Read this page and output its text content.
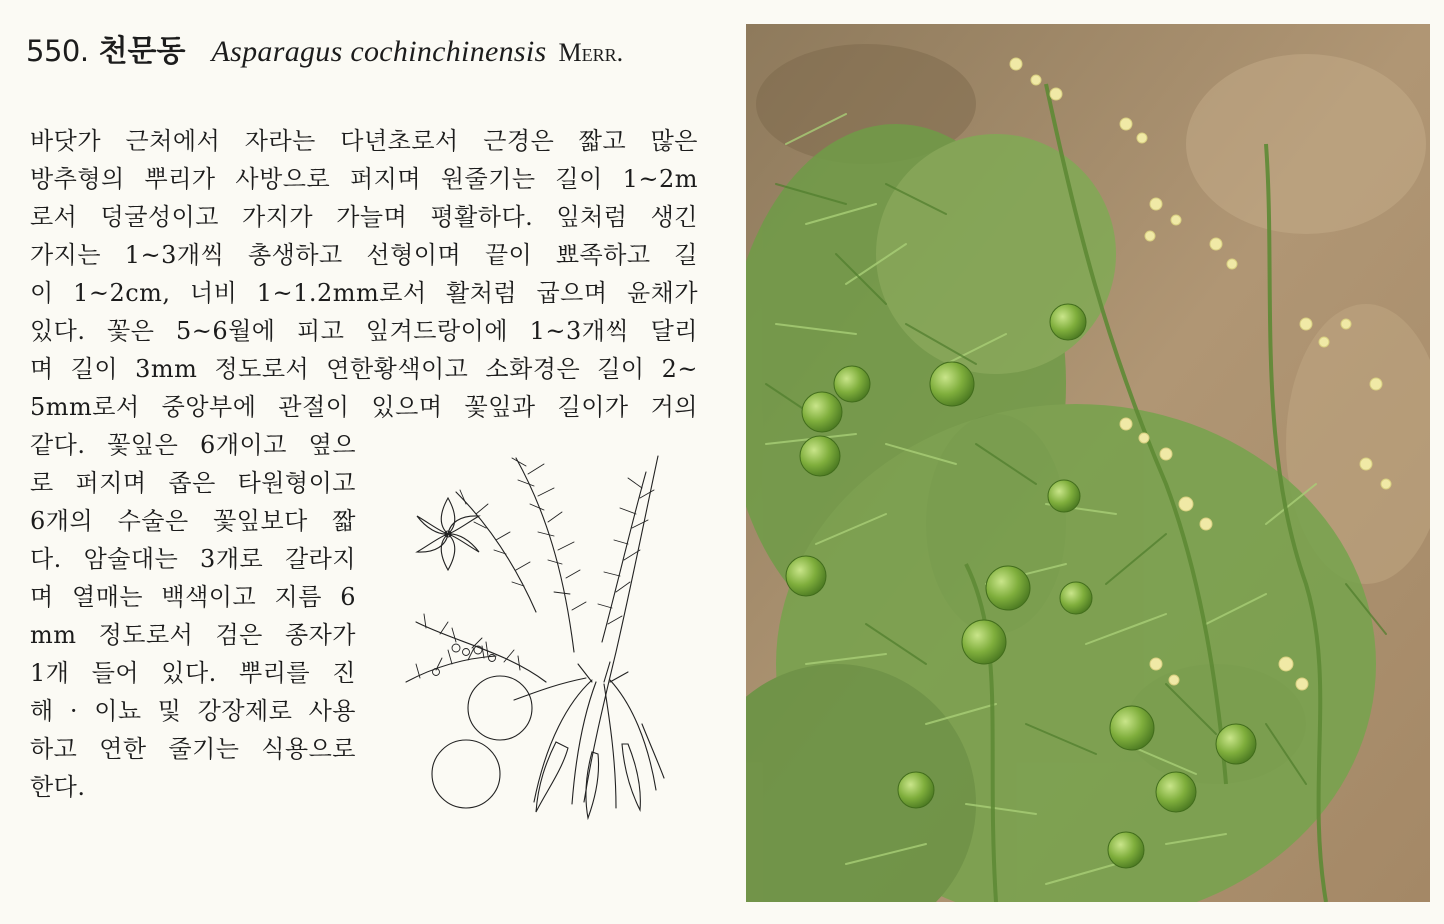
550. 천문동 Asparagus cochinchinensis Merr.
바닷가 근처에서 자라는 다년초로서 근경은 짧고 많은
방추형의 뿌리가 사방으로 퍼지며 원줄기는 길이 1~2m
로서 덩굴성이고 가지가 가늘며 평활하다. 잎처럼 생긴
가지는 1~3개씩 총생하고 선형이며 끝이 뾰족하고 길
이 1~2cm, 너비 1~1.2mm로서 활처럼 굽으며 윤채가
있다. 꽃은 5~6월에 피고 잎겨드랑이에 1~3개씩 달리
며 길이 3mm 정도로서 연한황색이고 소화경은 길이 2~
5mm로서 중앙부에 관절이 있으며 꽃잎과 길이가 거의
같다. 꽃잎은 6개이고 옆으
로 퍼지며 좁은 타원형이고
6개의 수술은 꽃잎보다 짧
다. 암술대는 3개로 갈라지
며 열매는 백색이고 지름 6
mm 정도로서 검은 종자가
1개 들어 있다. 뿌리를 진
해 · 이뇨 및 강장제로 사용
하고 연한 줄기는 식용으로
한다.
